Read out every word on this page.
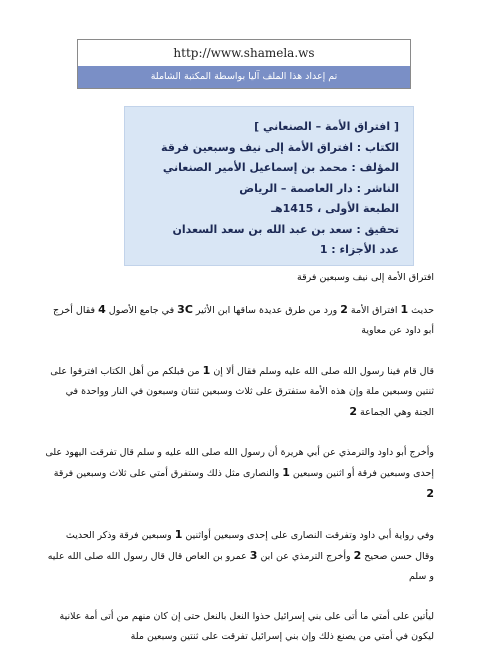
http://www.shamela.ws
تم إعداد هذا الملف آليا بواسطة المكتبة الشاملة
[ افتراق الأمة – الصنعاني ]
الكتاب : افتراق الأمة إلى نيف وسبعين فرقة
المؤلف : محمد بن إسماعيل الأمير الصنعاني
الناشر : دار العاصمة – الرياض
الطبعة الأولى ، 1415هـ
تحقيق : سعد بن عبد الله بن سعد السعدان
عدد الأجزاء : 1

افتراق الأمة إلى نيف وسبعين فرقة

حديث 1 افتراق الأمة 2 ورد من طرق عديدة ساقها ابن الأثير 3C في جامع الأصول 4 فقال أخرج أبو داود عن معاوية

قال قام فينا رسول الله صلى الله عليه وسلم فقال ألا إن 1 من قبلكم من أهل الكتاب افترقوا على ثنتين وسبعين ملة وإن هذه الأمة ستفترق على ثلاث وسبعين ثنتان وسبعون في النار وواحدة في الجنة وهي الجماعة 2

وأخرج أبو داود والترمذي عن أبي هريرة أن رسول الله صلى الله عليه و سلم قال تفرقت اليهود على إحدى وسبعين فرقة أو اثنين وسبعين 1 والنصارى مثل ذلك وستفرق أمتي على ثلاث وسبعين فرقة 2

وفي رواية أبي داود وتفرقت النصارى على إحدى وسبعين أواثنين 1 وسبعين فرقة وذكر الحديث وقال حسن صحيح 2 وأخرج الترمذي عن ابن 3 عمرو بن العاص قال قال رسول الله صلى الله عليه و سلم

ليأتين على أمتي ما أتى على بني إسرائيل حذوا النعل بالنعل حتى إن كان منهم من أتى أمة علانية ليكون في أمتي من يصنع ذلك وإن بني إسرائيل تفرقت على ثنتين وسبعين ملة
